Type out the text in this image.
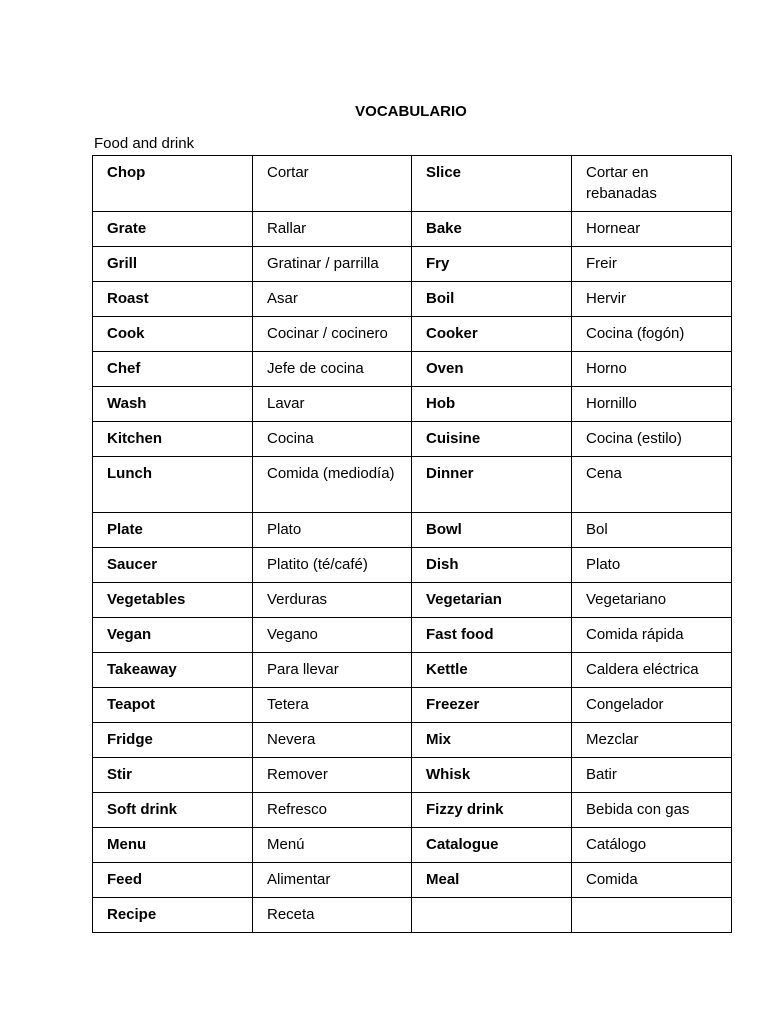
VOCABULARIO
Food and drink
Chop	Cortar	Slice	Cortar en rebanadas
Grate	Rallar	Bake	Hornear
Grill	Gratinar / parrilla	Fry	Freir
Roast	Asar	Boil	Hervir
Cook	Cocinar / cocinero	Cooker	Cocina (fogón)
Chef	Jefe de cocina	Oven	Horno
Wash	Lavar	Hob	Hornillo
Kitchen	Cocina	Cuisine	Cocina (estilo)
Lunch	Comida (mediodía)	Dinner	Cena
Plate	Plato	Bowl	Bol
Saucer	Platito (té/café)	Dish	Plato
Vegetables	Verduras	Vegetarian	Vegetariano
Vegan	Vegano	Fast food	Comida rápida
Takeaway	Para llevar	Kettle	Caldera eléctrica
Teapot	Tetera	Freezer	Congelador
Fridge	Nevera	Mix	Mezclar
Stir	Remover	Whisk	Batir
Soft drink	Refresco	Fizzy drink	Bebida con gas
Menu	Menú	Catalogue	Catálogo
Feed	Alimentar	Meal	Comida
Recipe	Receta		
